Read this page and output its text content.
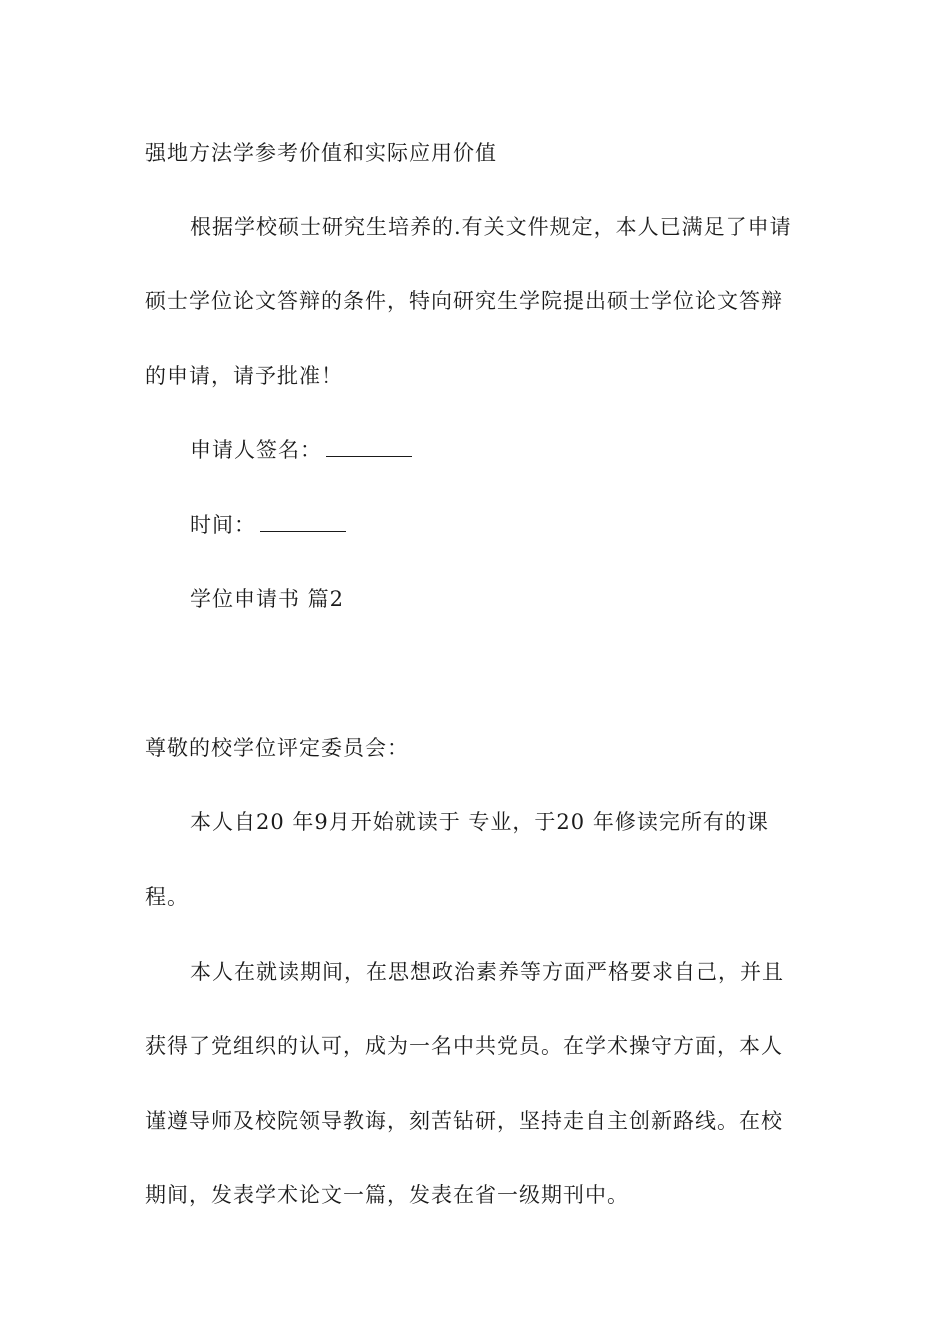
强地方法学参考价值和实际应用价值
根据学校硕士研究生培养的.有关文件规定，本人已满足了申请
硕士学位论文答辩的条件，特向研究生学院提出硕士学位论文答辩
的申请，请予批准！
申请人签名：
时间：
学位申请书 篇2
尊敬的校学位评定委员会：
本人自20 年9月开始就读于 专业，于20 年修读完所有的课
程。
本人在就读期间，在思想政治素养等方面严格要求自己，并且
获得了党组织的认可，成为一名中共党员。在学术操守方面，本人
谨遵导师及校院领导教诲，刻苦钻研，坚持走自主创新路线。在校
期间，发表学术论文一篇，发表在省一级期刊中。
